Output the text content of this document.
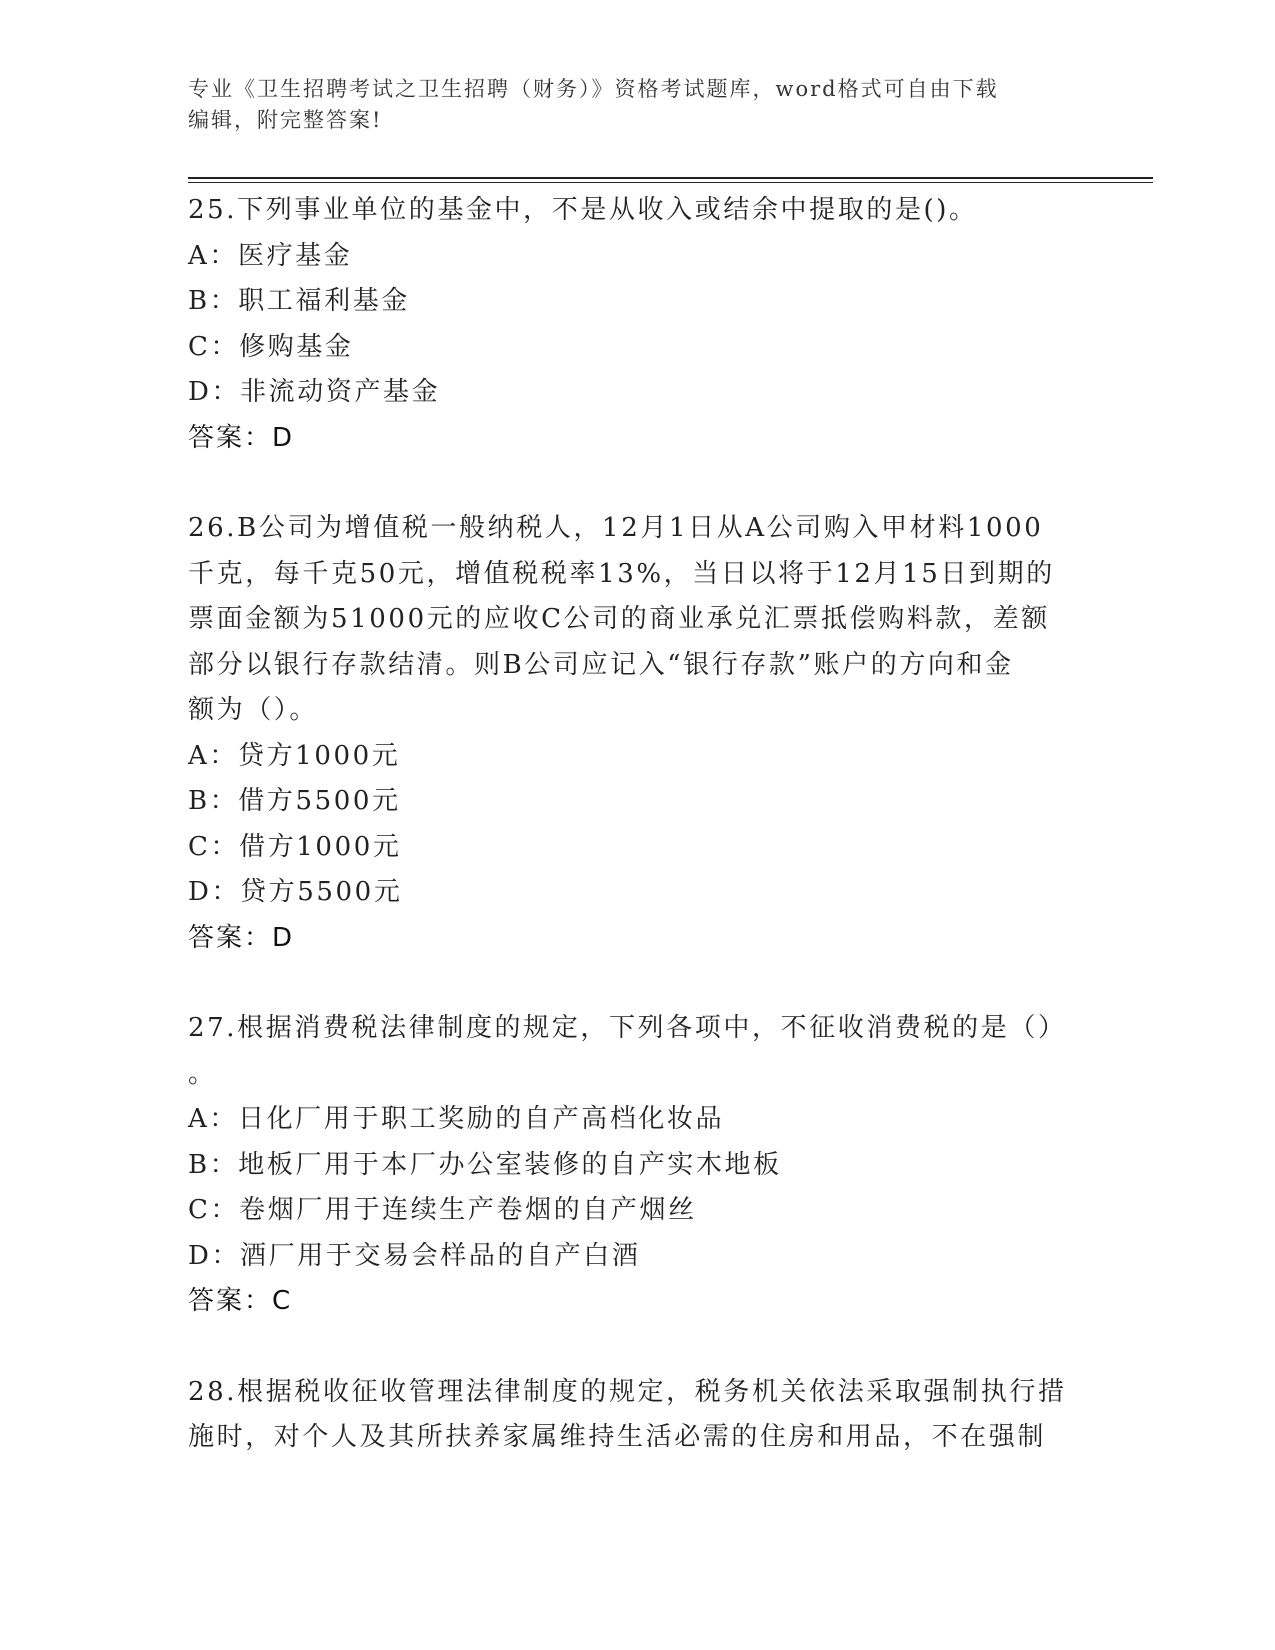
专业《卫生招聘考试之卫生招聘（财务）》资格考试题库，word格式可自由下载
编辑，附完整答案!
25.下列事业单位的基金中，不是从收入或结余中提取的是()。
A：医疗基金
B：职工福利基金
C：修购基金
D：非流动资产基金
答案：D
26.B公司为增值税一般纳税人，12月1日从A公司购入甲材料1000
千克，每千克50元，增值税税率13%，当日以将于12月15日到期的
票面金额为51000元的应收C公司的商业承兑汇票抵偿购料款，差额
部分以银行存款结清。则B公司应记入“银行存款”账户的方向和金
额为（）。
A：贷方1000元
B：借方5500元
C：借方1000元
D：贷方5500元
答案：D
27.根据消费税法律制度的规定，下列各项中，不征收消费税的是（）
。
A：日化厂用于职工奖励的自产高档化妆品
B：地板厂用于本厂办公室装修的自产实木地板
C：卷烟厂用于连续生产卷烟的自产烟丝
D：酒厂用于交易会样品的自产白酒
答案：C
28.根据税收征收管理法律制度的规定，税务机关依法采取强制执行措
施时，对个人及其所扶养家属维持生活必需的住房和用品，不在强制
